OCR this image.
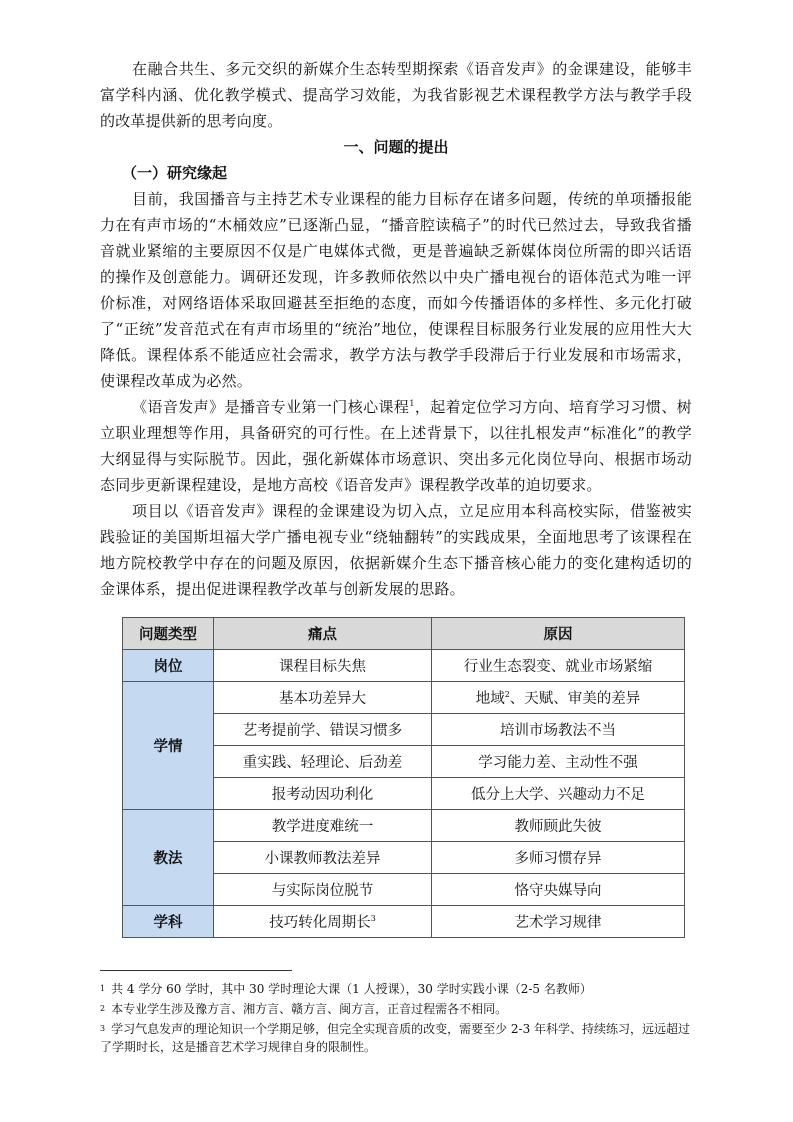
在融合共生、多元交织的新媒介生态转型期探索《语音发声》的金课建设，能够丰富学科内涵、优化教学模式、提高学习效能，为我省影视艺术课程教学方法与教学手段的改革提供新的思考向度。

一、问题的提出

（一）研究缘起

目前，我国播音与主持艺术专业课程的能力目标存在诸多问题，传统的单项播报能力在有声市场的“木桶效应”已逐渐凸显，“播音腔读稿子”的时代已然过去，导致我省播音就业紧缩的主要原因不仅是广电媒体式微，更是普遍缺乏新媒体岗位所需的即兴话语的操作及创意能力。调研还发现，许多教师依然以中央广播电视台的语体范式为唯一评价标准，对网络语体采取回避甚至拒绝的态度，而如今传播语体的多样性、多元化打破了“正统”发音范式在有声市场里的“统治”地位，使课程目标服务行业发展的应用性大大降低。课程体系不能适应社会需求，教学方法与教学手段滞后于行业发展和市场需求，使课程改革成为必然。

《语音发声》是播音专业第一门核心课程$^1$，起着定位学习方向、培育学习习惯、树立职业理想等作用，具备研究的可行性。在上述背景下，以往扎根发声“标准化”的教学大纲显得与实际脱节。因此，强化新媒体市场意识、突出多元化岗位导向、根据市场动态同步更新课程建设，是地方高校《语音发声》课程教学改革的迫切要求。

项目以《语音发声》课程的金课建设为切入点，立足应用本科高校实际，借鉴被实践验证的美国斯坦福大学广播电视专业“绕轴翻转”的实践成果，全面地思考了该课程在地方院校教学中存在的问题及原因，依据新媒介生态下播音核心能力的变化建构适切的金课体系，提出促进课程教学改革与创新发展的思路。

问题类型	痛点	原因
岗位	课程目标失焦	行业生态裂变、就业市场紧缩
学情	基本功差异大	地域$^2$、天赋、审美的差异
	艺考提前学、错误习惯多	培训市场教法不当
	重实践、轻理论、后劲差	学习能力差、主动性不强
	报考动因功利化	低分上大学、兴趣动力不足
教法	教学进度难统一	教师顾此失彼
	小课教师教法差异	多师习惯存异
	与实际岗位脱节	恪守央媒导向
学科	技巧转化周期长$^3$	艺术学习规律

$^1$ 共 4 学分 60 学时，其中 30 学时理论大课（1 人授课），30 学时实践小课（2-5 名教师）

$^2$ 本专业学生涉及豫方言、湘方言、赣方言、闽方言，正音过程需各不相同。

$^3$ 学习气息发声的理论知识一个学期足够，但完全实现音质的改变，需要至少 2-3 年科学、持续练习，远远超过了学期时长，这是播音艺术学习规律自身的限制性。
